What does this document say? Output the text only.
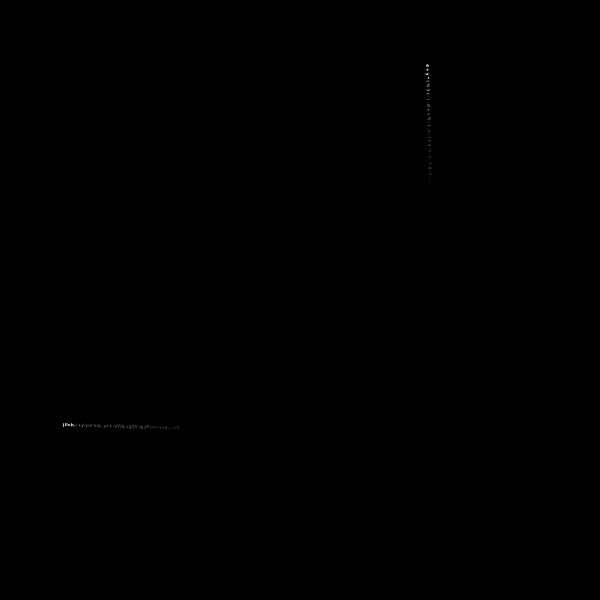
4+y*t%3c-i.d+v%-t.c:j+y;i-v.+g,s-.,.
jllvh.!+y'y/v'viq,.yc+-vV/q,vg/JV,qj;JFvvl--vvq,,,v/N
